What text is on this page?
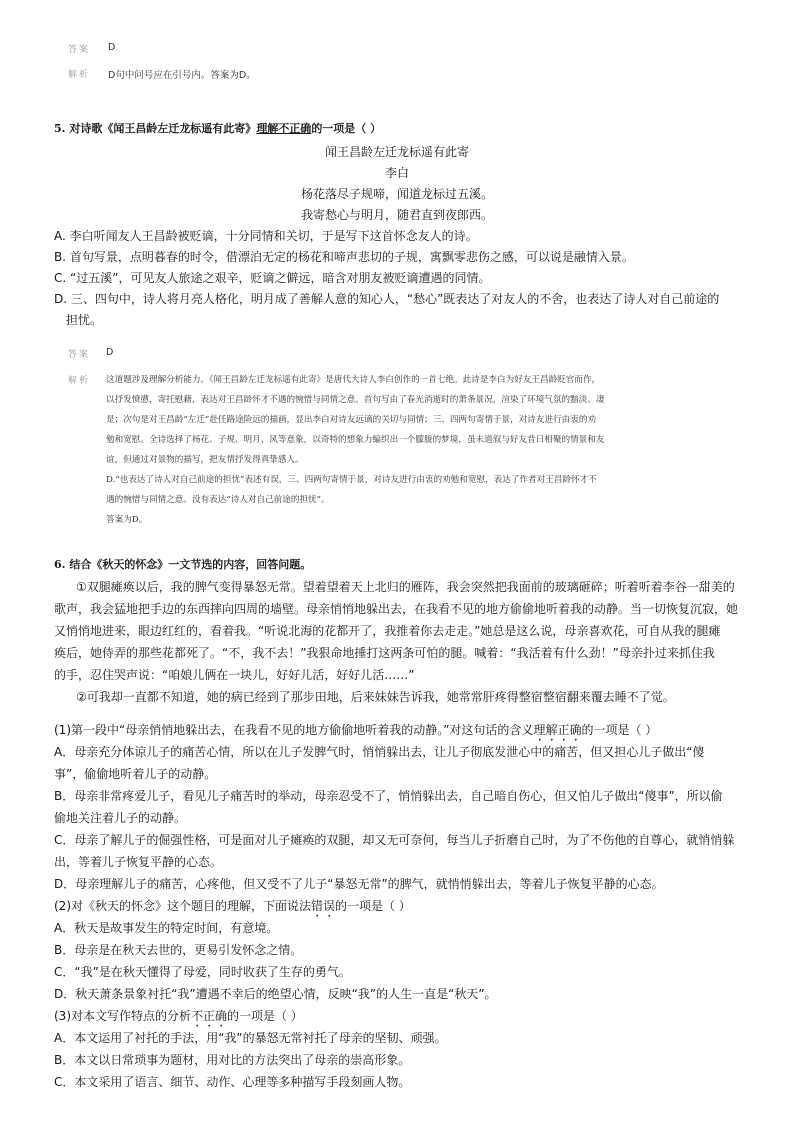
答案 D
解析 D句中问号应在引号内。答案为D。
5. 对诗歌《闻王昌龄左迁龙标遥有此寄》理解不正确的一项是（ ）
闻王昌龄左迁龙标遥有此寄
李白
杨花落尽子规啼，闻道龙标过五溪。
我寄愁心与明月，随君直到夜郎西。
A. 李白听闻友人王昌龄被贬谪，十分同情和关切，于是写下这首怀念友人的诗。
B. 首句写景，点明暮春的时令，借漂泊无定的杨花和啼声悲切的子规，寓飘零悲伤之感，可以说是融情入景。
C. “过五溪”，可见友人旅途之艰辛，贬谪之僻远，暗含对朋友被贬谪遭遇的同情。
D. 三、四句中，诗人将月亮人格化，明月成了善解人意的知心人，“愁心”既表达了对友人的不舍，也表达了诗人对自己前途的
担忧。
答案 D
解析 这道题涉及理解分析能力。《闻王昌龄左迁龙标遥有此寄》是唐代大诗人李白创作的一首七绝。此诗是李白为好友王昌龄贬官而作，
以抒发愤懑，寄托慰藉，表达对王昌龄怀才不遇的惋惜与同情之意。首句写由了春光消逝时的萧条景况，渲染了环境气氛的黯淡、凄
是；次句是对王昌龄“左迁”赴任路途险远的描画，显出李白对诗友远谪的关切与同情；三、四两句寄情于景，对诗友进行由衷的劝
勉和宽慰。全诗选择了杨花、子规、明月、风等意象，以奇特的想象力编织出一个朦胧的梦境，虽未道叙与好友昔日相聚的情景和友
谊，但通过对景物的描写，把友情抒发得真挚感人。
D.“也表达了诗人对自己前途的担忧”表述有误，三、四两句寄情于景，对诗友进行由衷的劝勉和宽慰，表达了作者对王昌龄怀才不
遇的惋惜与同情之意。没有表达“诗人对自己前途的担忧”。
答案为D。
6. 结合《秋天的怀念》一文节选的内容，回答问题。
①双腿瘫痪以后，我的脾气变得暴怒无常。望着望着天上北归的雁阵，我会突然把我面前的玻璃砸碎；听着听着李谷一甜美的
歌声，我会猛地把手边的东西摔向四周的墙壁。母亲悄悄地躲出去，在我看不见的地方偷偷地听着我的动静。当一切恢复沉寂，她
又悄悄地进来，眼边红红的，看着我。“听说北海的花都开了，我推着你去走走。”她总是这么说，母亲喜欢花，可自从我的腿瘫
痪后，她侍弄的那些花都死了。“不，我不去！”我狠命地捶打这两条可怕的腿。喊着：“我活着有什么劲！”母亲扑过来抓住我
的手，忍住哭声说：“咱娘儿俩在一块儿，好好儿活，好好儿活……”
②可我却一直都不知道，她的病已经到了那步田地，后来妹妹告诉我，她常常肝疼得整宿整宿翻来覆去睡不了觉。
(1)第一段中“母亲悄悄地躲出去，在我看不见的地方偷偷地听着我的动静。”对这句话的含义理解正确的一项是（ ）
A．母亲充分体谅儿子的痛苦心情，所以在儿子发脾气时，悄悄躲出去，让儿子彻底发泄心中的痛苦，但又担心儿子做出“傻
事”，偷偷地听着儿子的动静。
B．母亲非常疼爱儿子，看见儿子痛苦时的举动，母亲忍受不了，悄悄躲出去，自己暗自伤心，但又怕儿子做出“傻事”，所以偷
偷地关注着儿子的动静。
C．母亲了解儿子的倔强性格，可是面对儿子瘫痪的双腿，却又无可奈何，每当儿子折磨自己时，为了不伤他的自尊心，就悄悄躲
出，等着儿子恢复平静的心态。
D．母亲理解儿子的痛苦，心疼他，但又受不了儿子“暴怒无常”的脾气，就悄悄躲出去，等着儿子恢复平静的心态。
(2)对《秋天的怀念》这个题目的理解，下面说法错误的一项是（ ）
A．秋天是故事发生的特定时间，有意境。
B．母亲是在秋天去世的，更易引发怀念之情。
C．“我”是在秋天懂得了母爱，同时收获了生存的勇气。
D．秋天萧条景象衬托“我”遭遇不幸后的绝望心情，反映“我”的人生一直是“秋天”。
(3)对本文写作特点的分析不正确的一项是（ ）
A．本文运用了衬托的手法，用“我”的暴怒无常衬托了母亲的坚韧、顽强。
B．本文以日常琐事为题材，用对比的方法突出了母亲的崇高形象。
C．本文采用了语言、细节、动作、心理等多种描写手段刻画人物。
